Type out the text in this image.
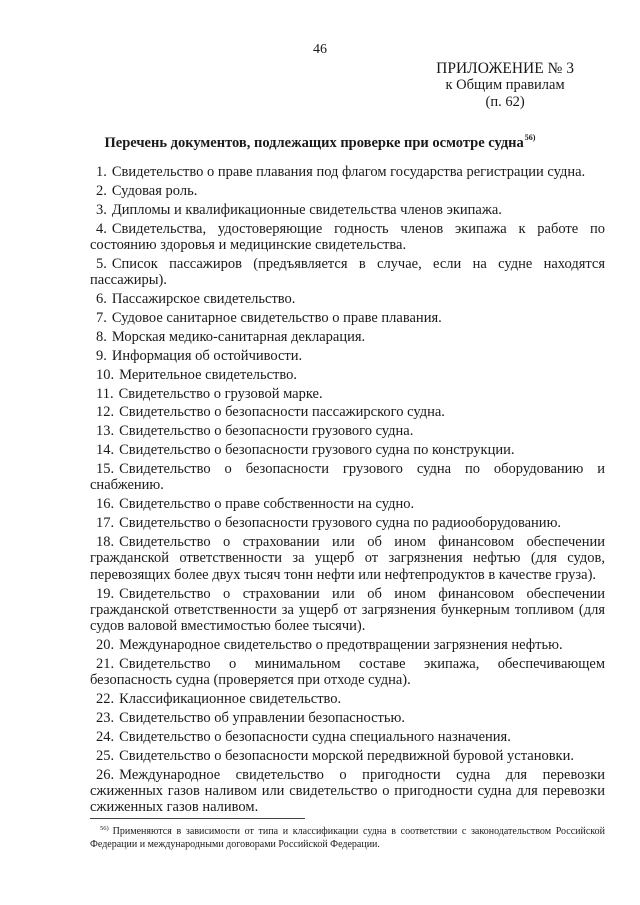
46
ПРИЛОЖЕНИЕ № 3
к Общим правилам
(п. 62)
Перечень документов, подлежащих проверке при осмотре судна$^{56)}$
1. Свидетельство о праве плавания под флагом государства регистрации судна.
2. Судовая роль.
3. Дипломы и квалификационные свидетельства членов экипажа.
4. Свидетельства, удостоверяющие годность членов экипажа к работе по состоянию здоровья и медицинские свидетельства.
5. Список пассажиров (предъявляется в случае, если на судне находятся пассажиры).
6. Пассажирское свидетельство.
7. Судовое санитарное свидетельство о праве плавания.
8. Морская медико-санитарная декларация.
9. Информация об остойчивости.
10. Мерительное свидетельство.
11. Свидетельство о грузовой марке.
12. Свидетельство о безопасности пассажирского судна.
13. Свидетельство о безопасности грузового судна.
14. Свидетельство о безопасности грузового судна по конструкции.
15. Свидетельство о безопасности грузового судна по оборудованию и снабжению.
16. Свидетельство о праве собственности на судно.
17. Свидетельство о безопасности грузового судна по радиооборудованию.
18. Свидетельство о страховании или об ином финансовом обеспечении гражданской ответственности за ущерб от загрязнения нефтью (для судов, перевозящих более двух тысяч тонн нефти или нефтепродуктов в качестве груза).
19. Свидетельство о страховании или об ином финансовом обеспечении гражданской ответственности за ущерб от загрязнения бункерным топливом (для судов валовой вместимостью более тысячи).
20. Международное свидетельство о предотвращении загрязнения нефтью.
21. Свидетельство о минимальном составе экипажа, обеспечивающем безопасность судна (проверяется при отходе судна).
22. Классификационное свидетельство.
23. Свидетельство об управлении безопасностью.
24. Свидетельство о безопасности судна специального назначения.
25. Свидетельство о безопасности морской передвижной буровой установки.
26. Международное свидетельство о пригодности судна для перевозки сжиженных газов наливом или свидетельство о пригодности судна для перевозки сжиженных газов наливом.
$^{56)}$ Применяются в зависимости от типа и классификации судна в соответствии с законодательством Российской Федерации и международными договорами Российской Федерации.
